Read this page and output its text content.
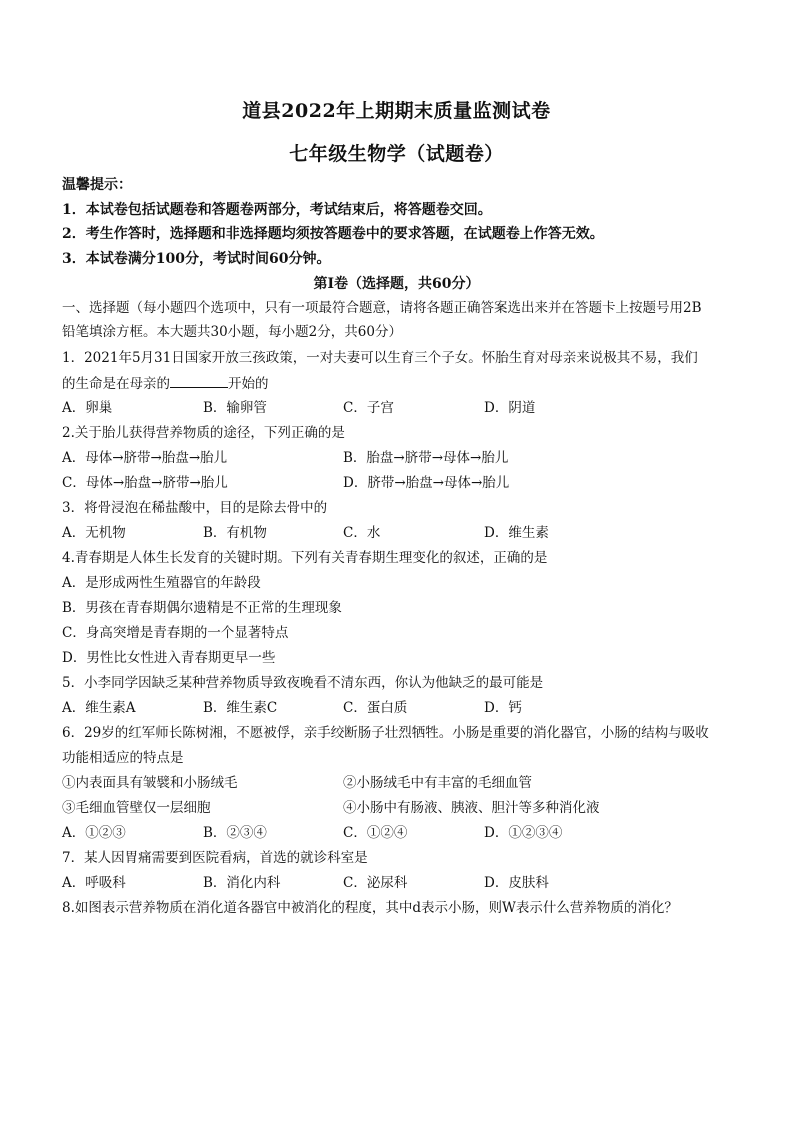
道县2022年上期期末质量监测试卷
七年级生物学（试题卷）
温馨提示：
1．本试卷包括试题卷和答题卷两部分，考试结束后，将答题卷交回。
2．考生作答时，选择题和非选择题均须按答题卷中的要求答题，在试题卷上作答无效。
3．本试卷满分100分，考试时间60分钟。
第Ⅰ卷（选择题，共60分）
一、选择题（每小题四个选项中，只有一项最符合题意，请将各题正确答案选出来并在答题卡上按题号用2B
铅笔填涂方框。本大题共30小题，每小题2分，共60分）
1．2021年5月31日国家开放三孩政策，一对夫妻可以生育三个子女。怀胎生育对母亲来说极其不易，我们
的生命是在母亲的	开始的
A．卵巢	B．输卵管	C．子宫	D．阴道
2.关于胎儿获得营养物质的途径，下列正确的是
A．母体→脐带→胎盘→胎儿	B．胎盘→脐带→母体→胎儿
C．母体→胎盘→脐带→胎儿	D．脐带→胎盘→母体→胎儿
3．将骨浸泡在稀盐酸中，目的是除去骨中的
A．无机物	B．有机物	C．水	D．维生素
4.青春期是人体生长发育的关键时期。下列有关青春期生理变化的叙述，正确的是
A．是形成两性生殖器官的年龄段
B．男孩在青春期偶尔遗精是不正常的生理现象
C．身高突增是青春期的一个显著特点
D．男性比女性进入青春期更早一些
5．小李同学因缺乏某种营养物质导致夜晚看不清东西，你认为他缺乏的最可能是
A．维生素A	B．维生素C	C．蛋白质	D．钙
6．29岁的红军师长陈树湘，不愿被俘，亲手绞断肠子壮烈牺牲。小肠是重要的消化器官，小肠的结构与吸收
功能相适应的特点是
①内表面具有皱襞和小肠绒毛	②小肠绒毛中有丰富的毛细血管
③毛细血管壁仅一层细胞	④小肠中有肠液、胰液、胆汁等多种消化液
A．①②③	B．②③④	C．①②④	D．①②③④
7．某人因胃痛需要到医院看病，首选的就诊科室是
A．呼吸科	B．消化内科	C．泌尿科	D．皮肤科
8.如图表示营养物质在消化道各器官中被消化的程度，其中d表示小肠，则W表示什么营养物质的消化？
